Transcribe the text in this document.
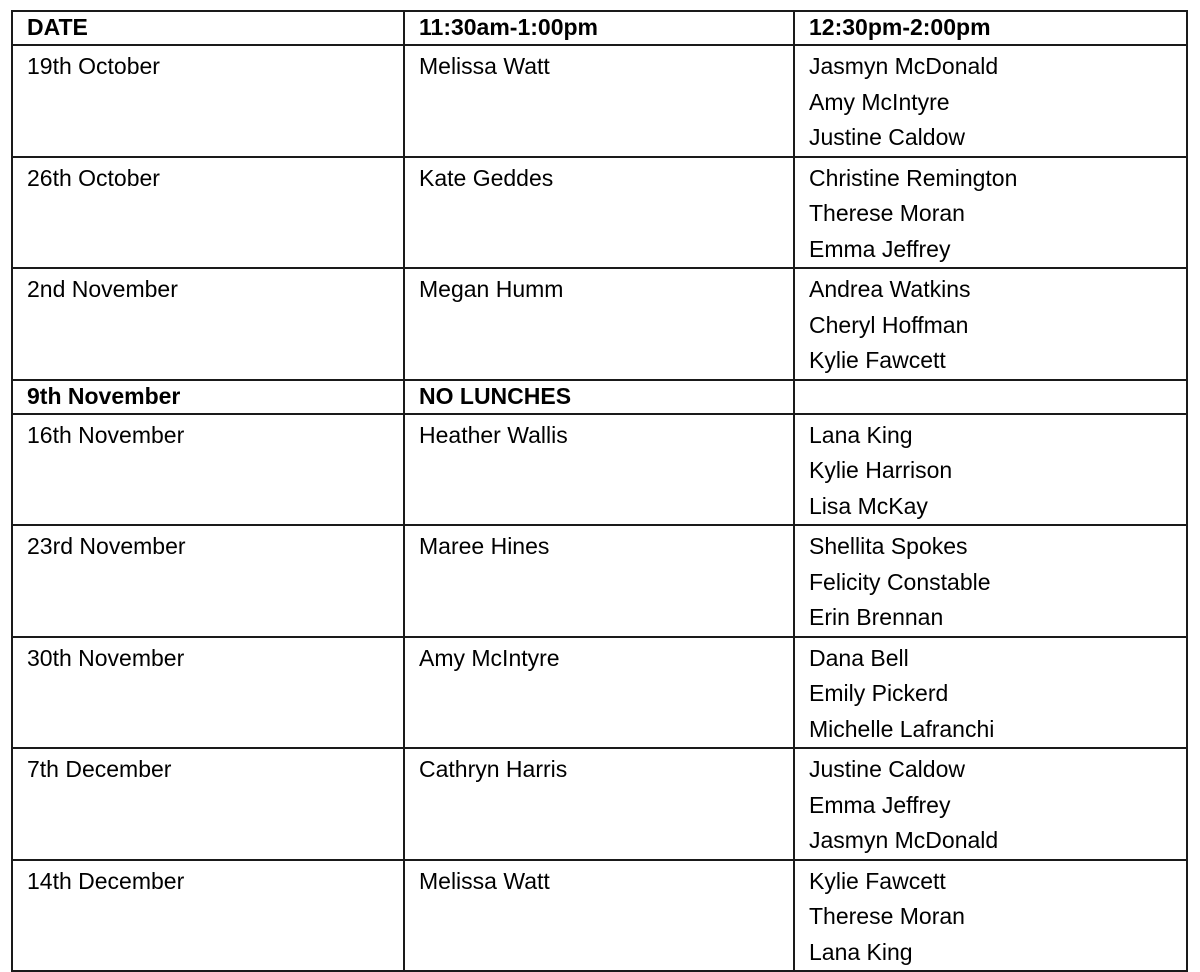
DATE	11:30am-1:00pm	12:30pm-2:00pm
19th October	Melissa Watt	Jasmyn McDonald
Amy McIntyre
Justine Caldow

26th October	Kate Geddes	Christine Remington
Therese Moran
Emma Jeffrey

2nd November	Megan Humm	Andrea Watkins
Cheryl Hoffman
Kylie Fawcett

9th November	NO LUNCHES	
16th November	Heather Wallis	Lana King
Kylie Harrison
Lisa McKay

23rd November	Maree Hines	Shellita Spokes
Felicity Constable
Erin Brennan

30th November	Amy McIntyre	Dana Bell
Emily Pickerd
Michelle Lafranchi

7th December	Cathryn Harris	Justine Caldow
Emma Jeffrey
Jasmyn McDonald

14th December	Melissa Watt	Kylie Fawcett
Therese Moran
Lana King
